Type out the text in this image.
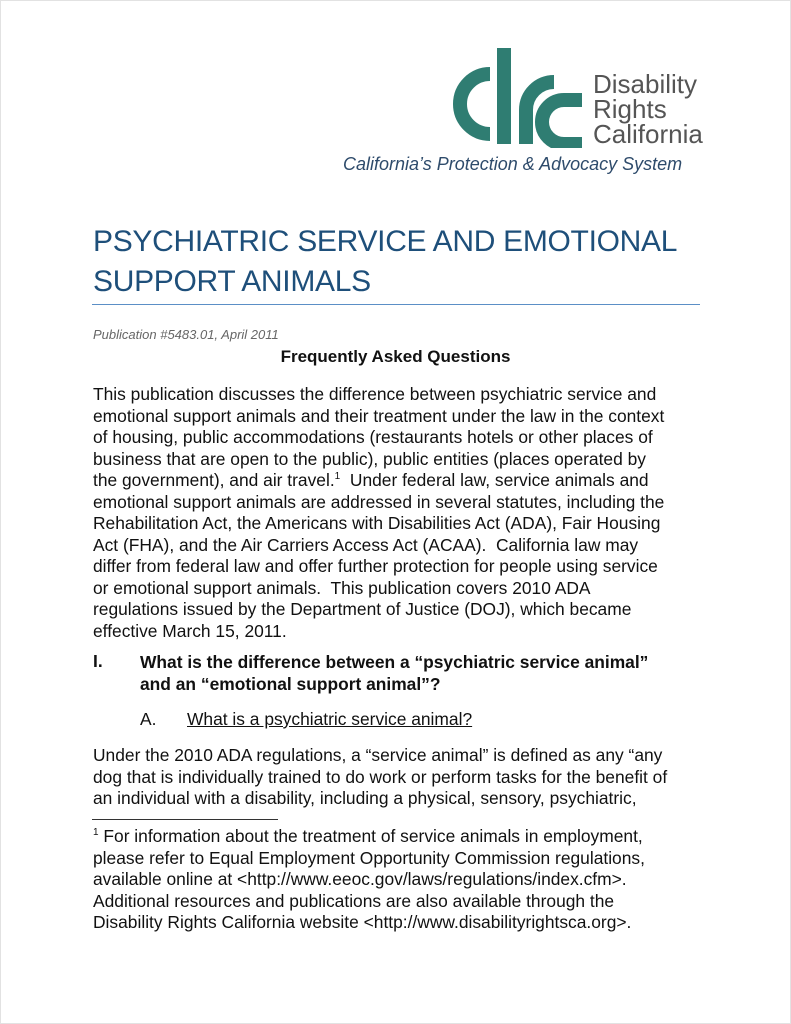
Disability
Rights
California
California’s Protection & Advocacy System
PSYCHIATRIC SERVICE AND EMOTIONAL
SUPPORT ANIMALS
Publication #5483.01, April 2011
Frequently Asked Questions
This publication discusses the difference between psychiatric service and
emotional support animals and their treatment under the law in the context
of housing, public accommodations (restaurants hotels or other places of
business that are open to the public), public entities (places operated by
the government), and air travel.$^1$  Under federal law, service animals and
emotional support animals are addressed in several statutes, including the
Rehabilitation Act, the Americans with Disabilities Act (ADA), Fair Housing
Act (FHA), and the Air Carriers Access Act (ACAA).  California law may
differ from federal law and offer further protection for people using service
or emotional support animals.  This publication covers 2010 ADA
regulations issued by the Department of Justice (DOJ), which became
effective March 15, 2011.
I. What is the difference between a “psychiatric service animal”
and an “emotional support animal”?
A. What is a psychiatric service animal?
Under the 2010 ADA regulations, a “service animal” is defined as any “any
dog that is individually trained to do work or perform tasks for the benefit of
an individual with a disability, including a physical, sensory, psychiatric,
$^1$ For information about the treatment of service animals in employment,
please refer to Equal Employment Opportunity Commission regulations,
available online at <http://www.eeoc.gov/laws/regulations/index.cfm>.
Additional resources and publications are also available through the
Disability Rights California website <http://www.disabilityrightsca.org>.
